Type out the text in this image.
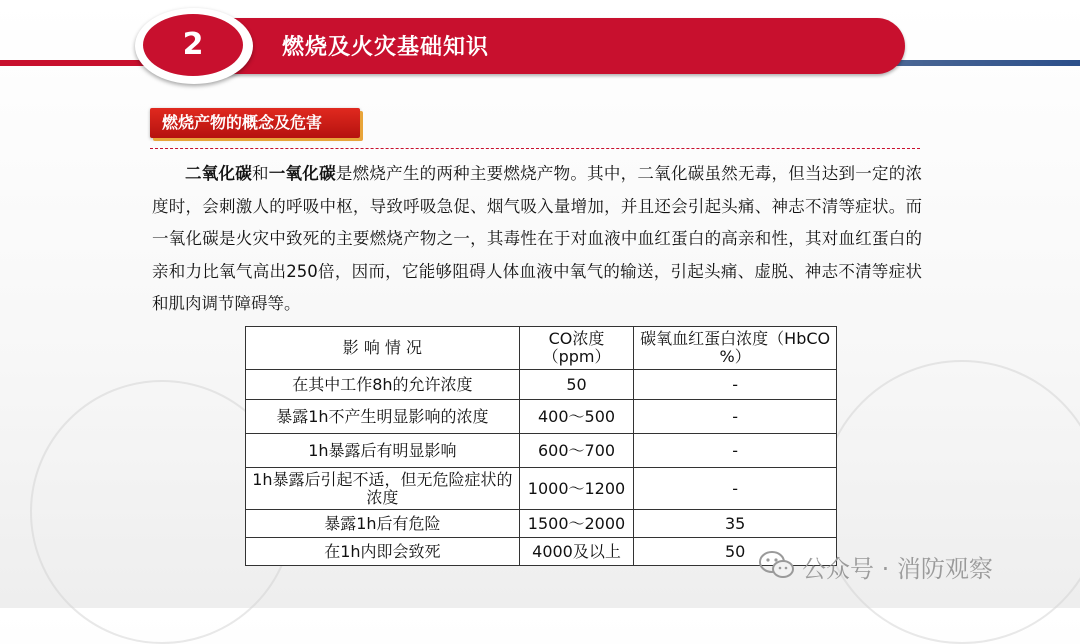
2	燃烧及火灾基础知识
燃烧产物的概念及危害
二氧化碳和一氧化碳是燃烧产生的两种主要燃烧产物。其中，二氧化碳虽然无毒，但当达到一定的浓度时，会刺激人的呼吸中枢，导致呼吸急促、烟气吸入量增加，并且还会引起头痛、神志不清等症状。而一氧化碳是火灾中致死的主要燃烧产物之一，其毒性在于对血液中血红蛋白的高亲和性，其对血红蛋白的亲和力比氧气高出250倍，因而，它能够阻碍人体血液中氧气的输送，引起头痛、虚脱、神志不清等症状和肌肉调节障碍等。
影 响 情 况	CO浓度（ppm）	碳氧血红蛋白浓度（HbCO %）
在其中工作8h的允许浓度	50	-
暴露1h不产生明显影响的浓度	400～500	-
1h暴露后有明显影响	600～700	-
1h暴露后引起不适，但无危险症状的浓度	1000～1200	-
暴露1h后有危险	1500～2000	35
在1h内即会致死	4000及以上	50
公众号 · 消防观察
